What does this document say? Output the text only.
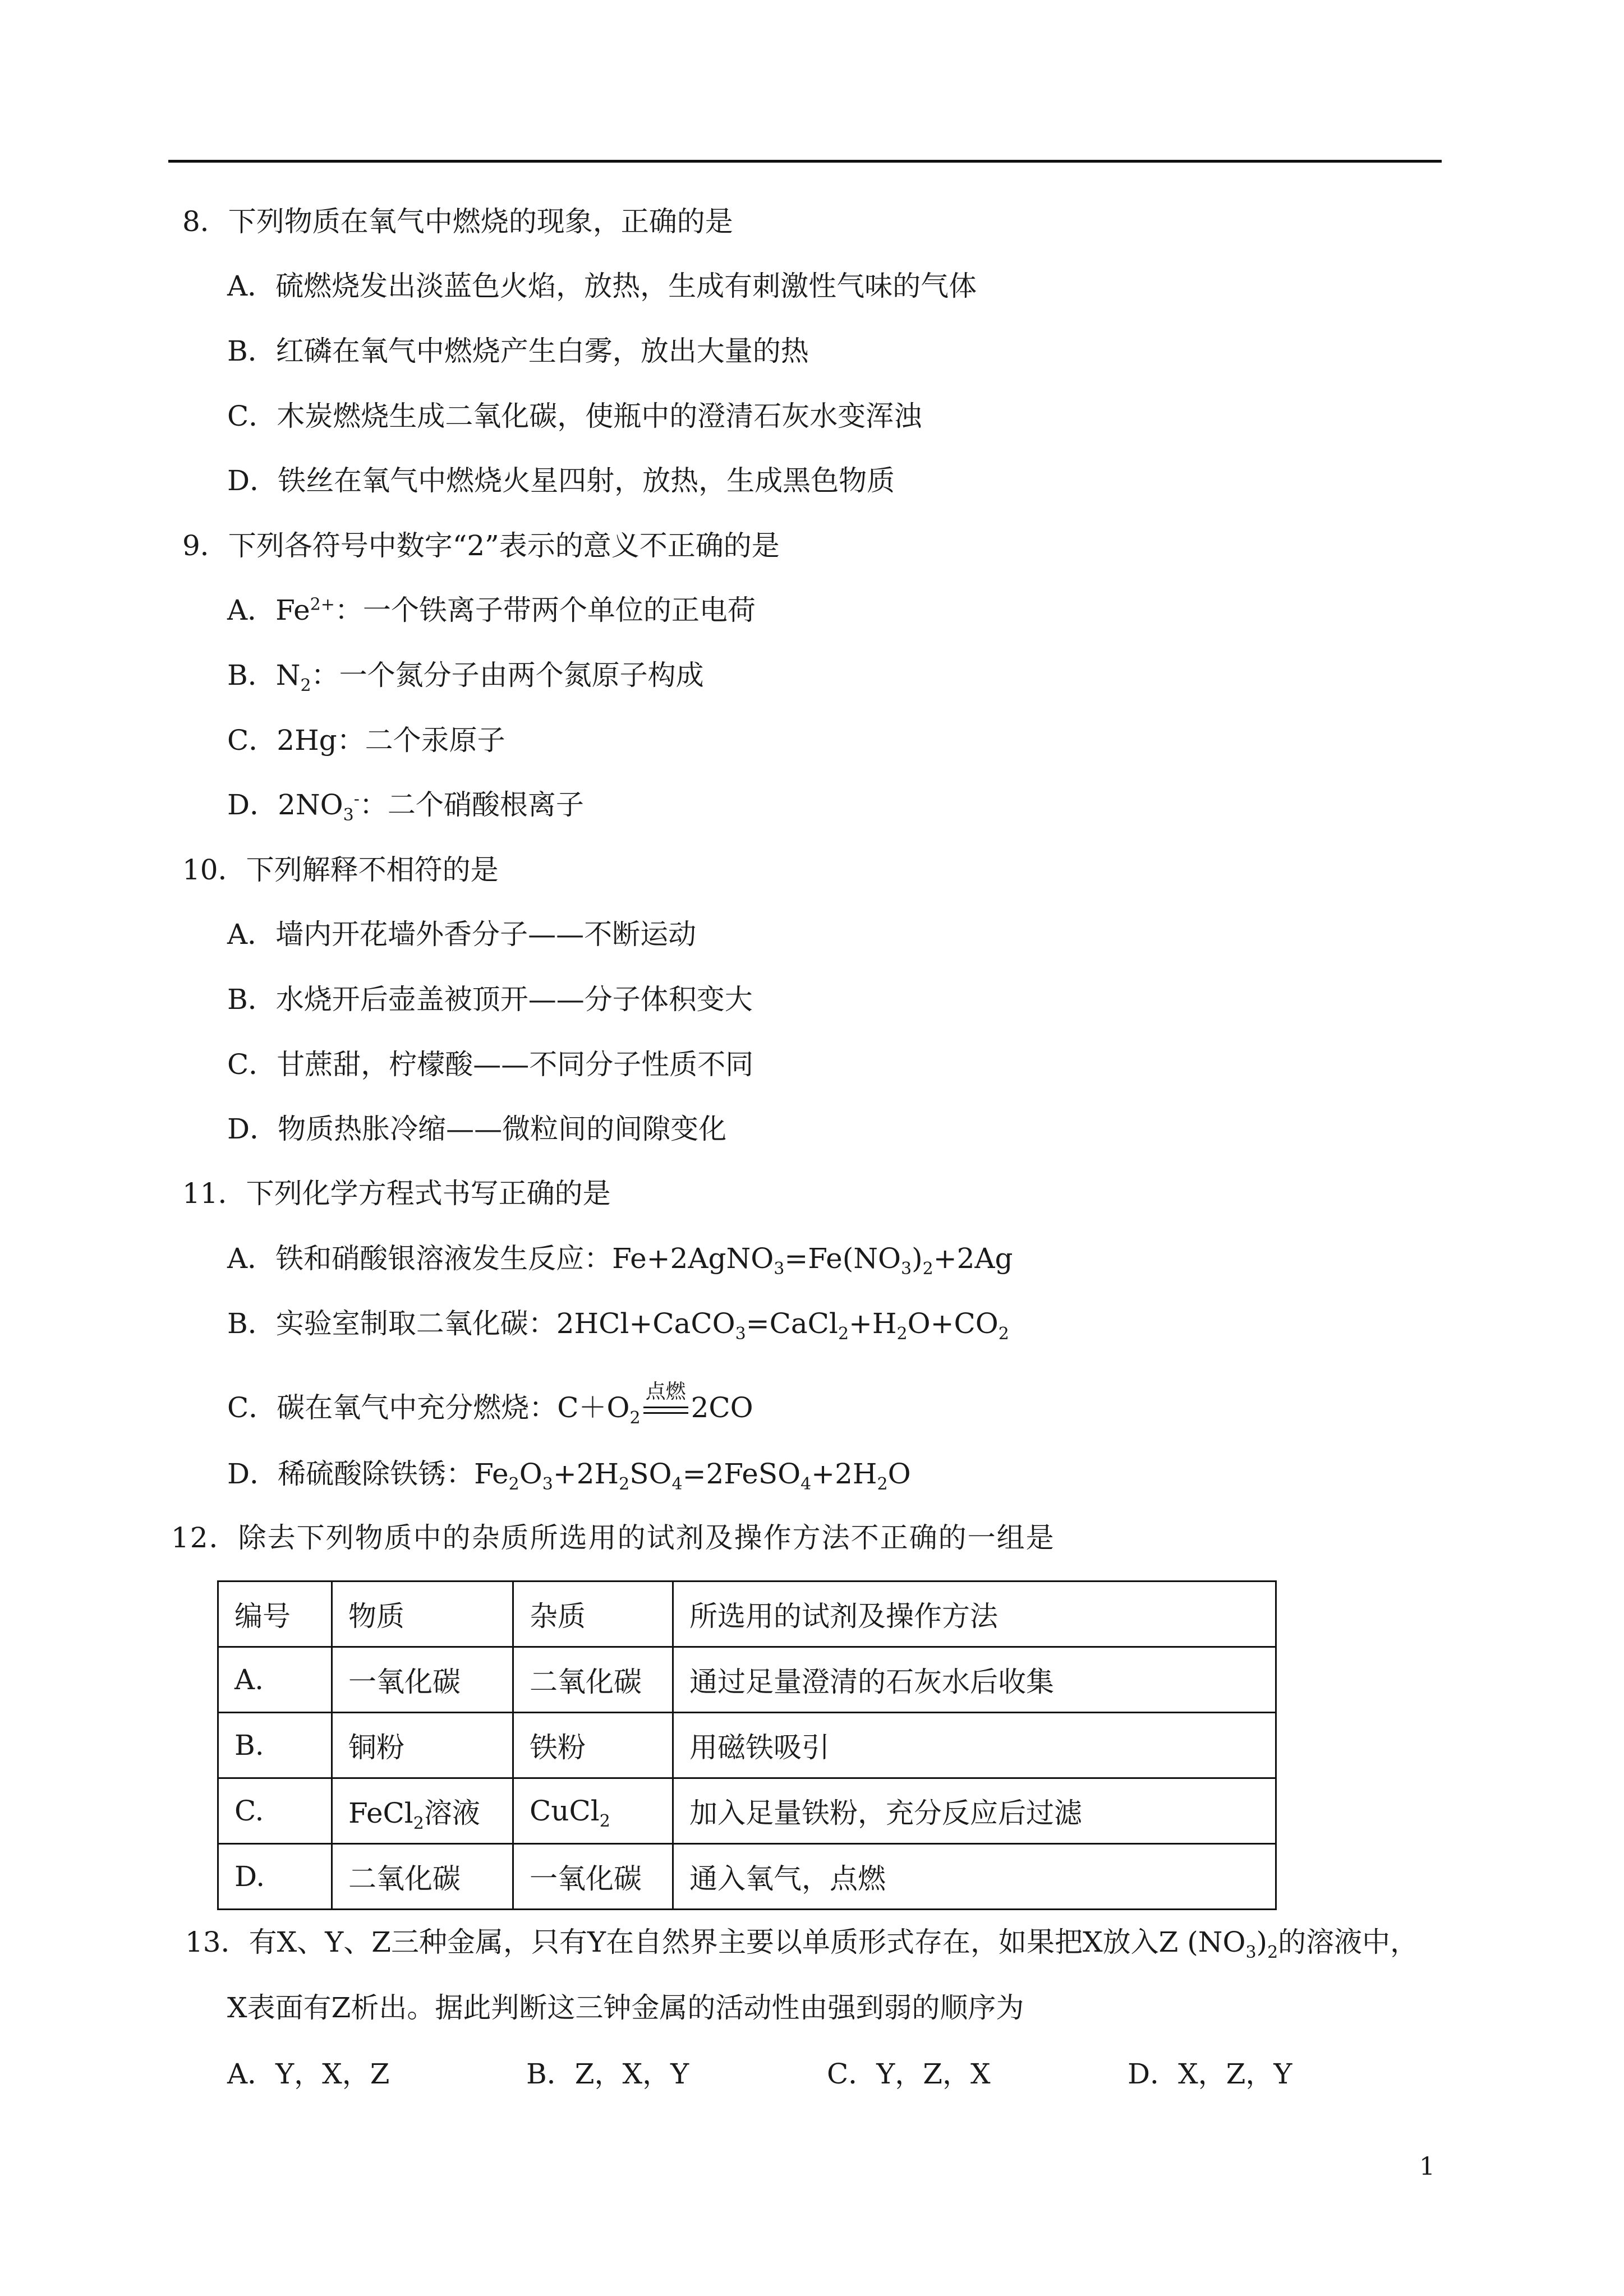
8．下列物质在氧气中燃烧的现象，正确的是
A．硫燃烧发出淡蓝色火焰，放热，生成有刺激性气味的气体
B．红磷在氧气中燃烧产生白雾，放出大量的热
C．木炭燃烧生成二氧化碳，使瓶中的澄清石灰水变浑浊
D．铁丝在氧气中燃烧火星四射，放热，生成黑色物质
9．下列各符号中数字“2”表示的意义不正确的是
A．$Fe^{2+}$：一个铁离子带两个单位的正电荷
B．$N_2$：一个氮分子由两个氮原子构成
C．2Hg：二个汞原子
D．$2NO_3^-$：二个硝酸根离子
10．下列解释不相符的是
A．墙内开花墙外香分子——不断运动
B．水烧开后壶盖被顶开——分子体积变大
C．甘蔗甜，柠檬酸——不同分子性质不同
D．物质热胀冷缩——微粒间的间隙变化
11．下列化学方程式书写正确的是
A．铁和硝酸银溶液发生反应：$Fe+2AgNO_3=Fe(NO_3)_2+2Ag$
B．实验室制取二氧化碳：$2HCl+CaCO_3=CaCl_2+H_2O+CO_2$
C．碳在氧气中充分燃烧：$C+O_2$
点燃 2CO
D．稀硫酸除铁锈：$Fe_2O_3+2H_2SO_4=2FeSO_4+2H_2O$
12．除去下列物质中的杂质所选用的试剂及操作方法不正确的一组是
编号	物质	杂质	所选用的试剂及操作方法
A.	一氧化碳	二氧化碳	通过足量澄清的石灰水后收集
B.	铜粉	铁粉	用磁铁吸引
C.	FeCl$_2$溶液	CuCl$_2$	加入足量铁粉，充分反应后过滤
D.	二氧化碳	一氧化碳	通入氧气，点燃
13．有X、Y、Z三种金属，只有Y在自然界主要以单质形式存在，如果把X放入Z $(NO_3)_2$的溶液中，
X表面有Z析出。据此判断这三钟金属的活动性由强到弱的顺序为
A．Y，X，Z	B．Z，X，Y	C．Y，Z，X	D．X，Z，Y
1
